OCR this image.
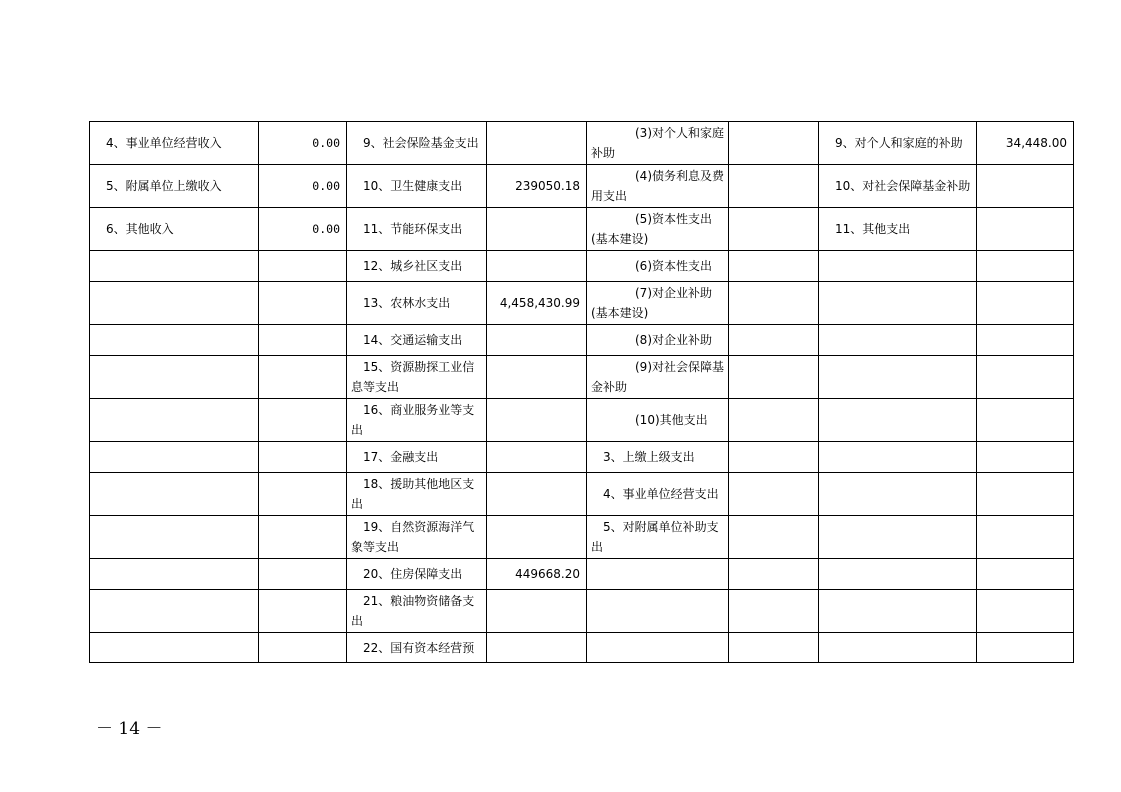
4、事业单位经营收入	0.00	9、社会保险基金支出		(3)对个人和家庭补助		9、对个人和家庭的补助	34,448.00
5、附属单位上缴收入	0.00	10、卫生健康支出	239050.18	(4)债务利息及费用支出		10、对社会保障基金补助	
6、其他收入	0.00	11、节能环保支出		(5)资本性支出(基本建设)		11、其他支出	
		12、城乡社区支出		(6)资本性支出			
		13、农林水支出	4,458,430.99	(7)对企业补助(基本建设)			
		14、交通运输支出		(8)对企业补助			
		15、资源勘探工业信息等支出		(9)对社会保障基金补助			
		16、商业服务业等支出		(10)其他支出			
		17、金融支出		3、上缴上级支出			
		18、援助其他地区支出		4、事业单位经营支出			
		19、自然资源海洋气象等支出		5、对附属单位补助支出			
		20、住房保障支出	449668.20				
		21、粮油物资储备支出					
		22、国有资本经营预					
－ 14 －
